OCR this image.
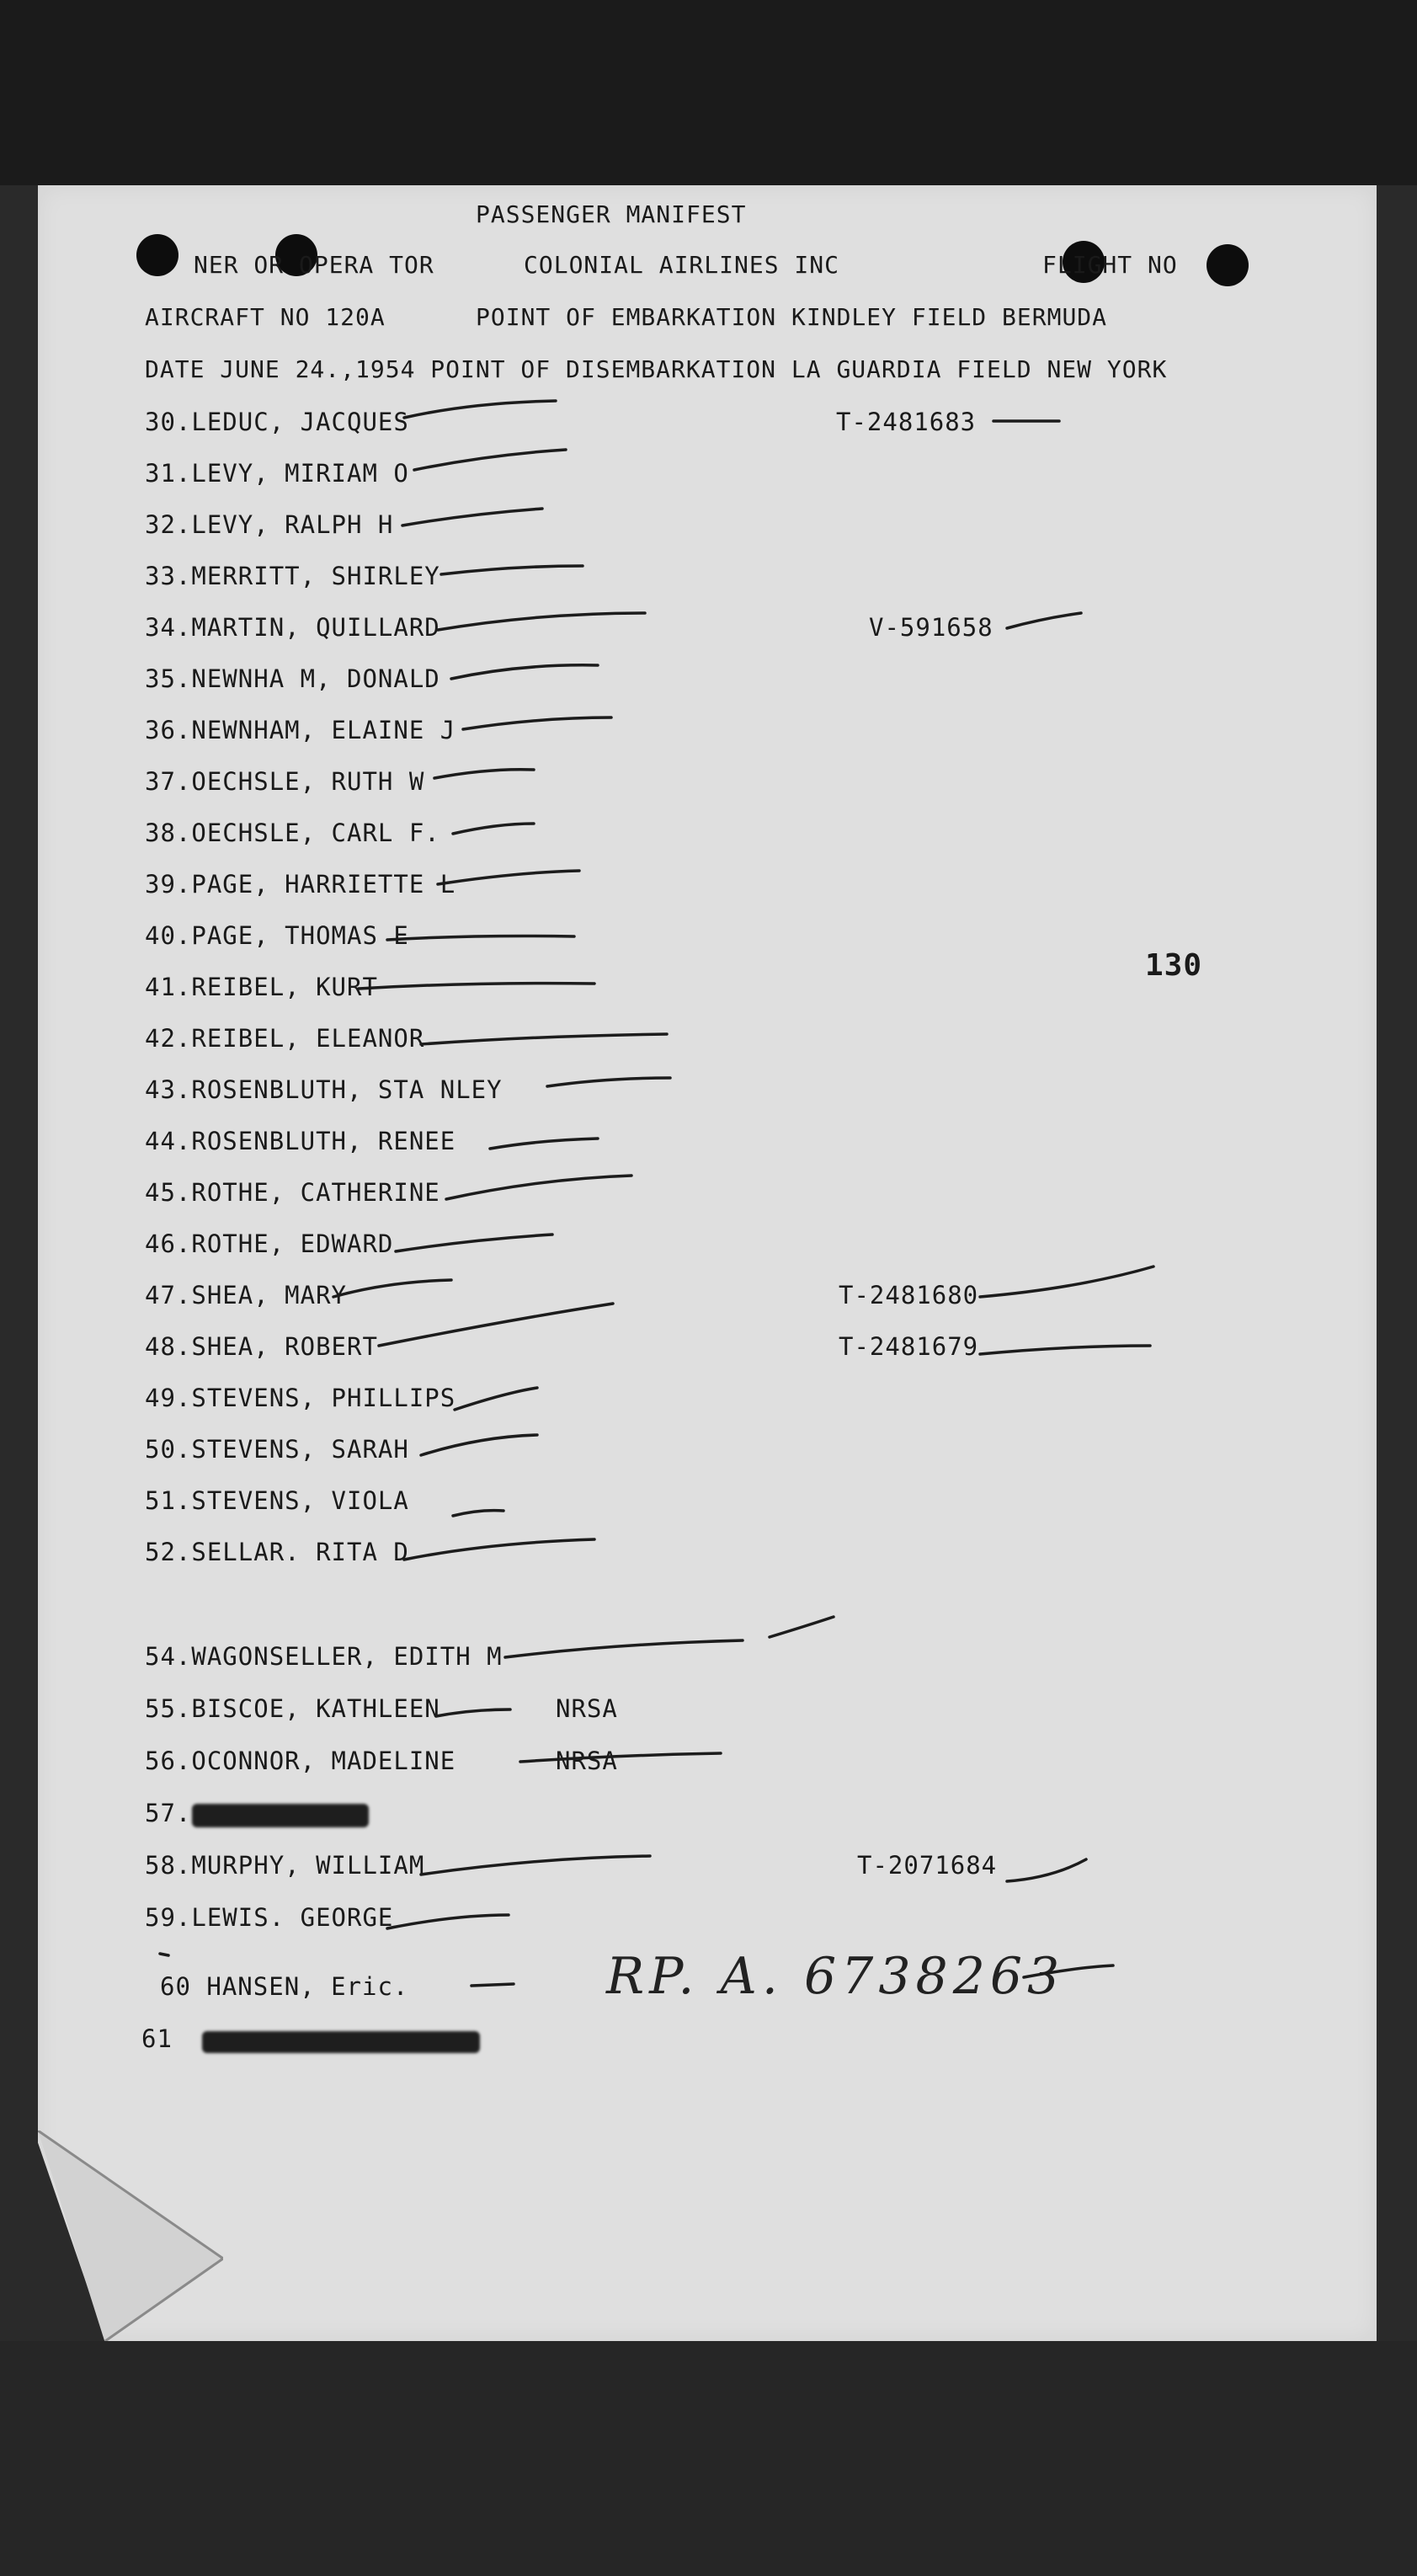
PASSENGER MANIFEST
NER OR OPERA TOR	COLONIAL AIRLINES INC	FLIGHT NO
AIRCRAFT NO 120A	POINT OF EMBARKATION KINDLEY FIELD BERMUDA
DATE JUNE 24.,1954 POINT OF DISEMBARKATION LA GUARDIA FIELD NEW YORK
130
30.LEDUC, JACQUES	T-2481683
31.LEVY, MIRIAM O
32.LEVY, RALPH H
33.MERRITT, SHIRLEY
34.MARTIN, QUILLARD	V-591658
35.NEWNHA M, DONALD
36.NEWNHAM, ELAINE J
37.OECHSLE, RUTH W
38.OECHSLE, CARL F.
39.PAGE, HARRIETTE L
40.PAGE, THOMAS E
41.REIBEL, KURT
42.REIBEL, ELEANOR
43.ROSENBLUTH, STA NLEY
44.ROSENBLUTH, RENEE
45.ROTHE, CATHERINE
46.ROTHE, EDWARD
47.SHEA, MARY	T-2481680
48.SHEA, ROBERT	T-2481679
49.STEVENS, PHILLIPS
50.STEVENS, SARAH
51.STEVENS, VIOLA
52.SELLAR. RITA D
54.WAGONSELLER, EDITH M
55.BISCOE, KATHLEEN	NRSA
56.OCONNOR, MADELINE	NRSA
57.
58.MURPHY, WILLIAM	T-2071684
59.LEWIS. GEORGE
60 HANSEN, Eric.
61
RP. A. 6738263
